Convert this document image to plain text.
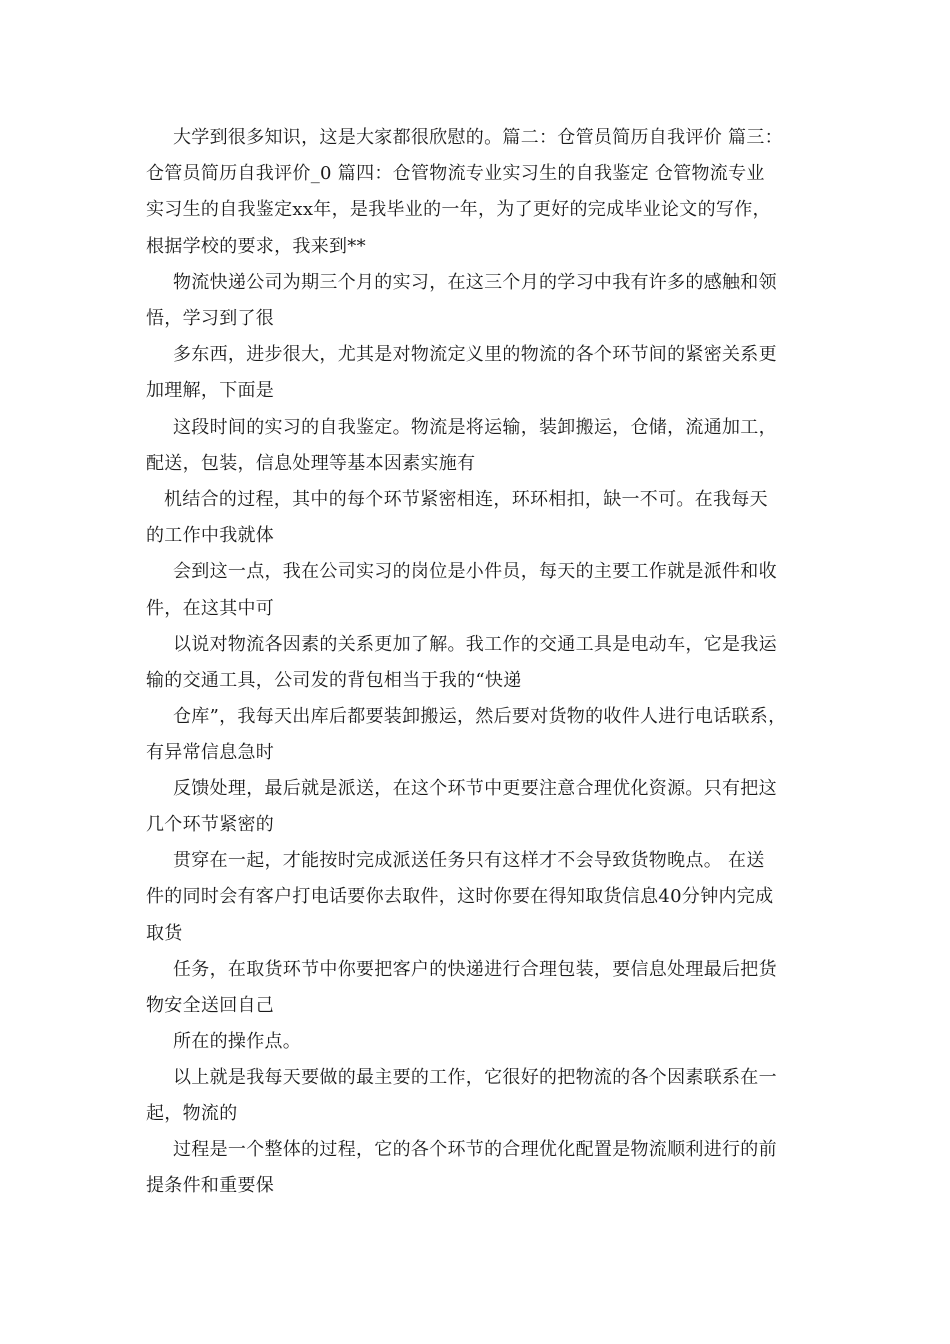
大学到很多知识，这是大家都很欣慰的。篇二：仓管员简历自我评价 篇三：
仓管员简历自我评价_0 篇四：仓管物流专业实习生的自我鉴定 仓管物流专业
实习生的自我鉴定xx年，是我毕业的一年，为了更好的完成毕业论文的写作，
根据学校的要求，我来到**
物流快递公司为期三个月的实习，在这三个月的学习中我有许多的感触和领
悟，学习到了很
多东西，进步很大，尤其是对物流定义里的物流的各个环节间的紧密关系更
加理解，下面是
这段时间的实习的自我鉴定。物流是将运输，装卸搬运，仓储，流通加工，
配送，包装，信息处理等基本因素实施有
机结合的过程，其中的每个环节紧密相连，环环相扣，缺一不可。在我每天
的工作中我就体
会到这一点，我在公司实习的岗位是小件员，每天的主要工作就是派件和收
件，在这其中可
以说对物流各因素的关系更加了解。我工作的交通工具是电动车，它是我运
输的交通工具，公司发的背包相当于我的“快递
仓库”，我每天出库后都要装卸搬运，然后要对货物的收件人进行电话联系，
有异常信息急时
反馈处理，最后就是派送，在这个环节中更要注意合理优化资源。只有把这
几个环节紧密的
贯穿在一起，才能按时完成派送任务只有这样才不会导致货物晚点。 在送
件的同时会有客户打电话要你去取件，这时你要在得知取货信息40分钟内完成
取货
任务，在取货环节中你要把客户的快递进行合理包装，要信息处理最后把货
物安全送回自己
所在的操作点。
以上就是我每天要做的最主要的工作，它很好的把物流的各个因素联系在一
起，物流的
过程是一个整体的过程，它的各个环节的合理优化配置是物流顺利进行的前
提条件和重要保
